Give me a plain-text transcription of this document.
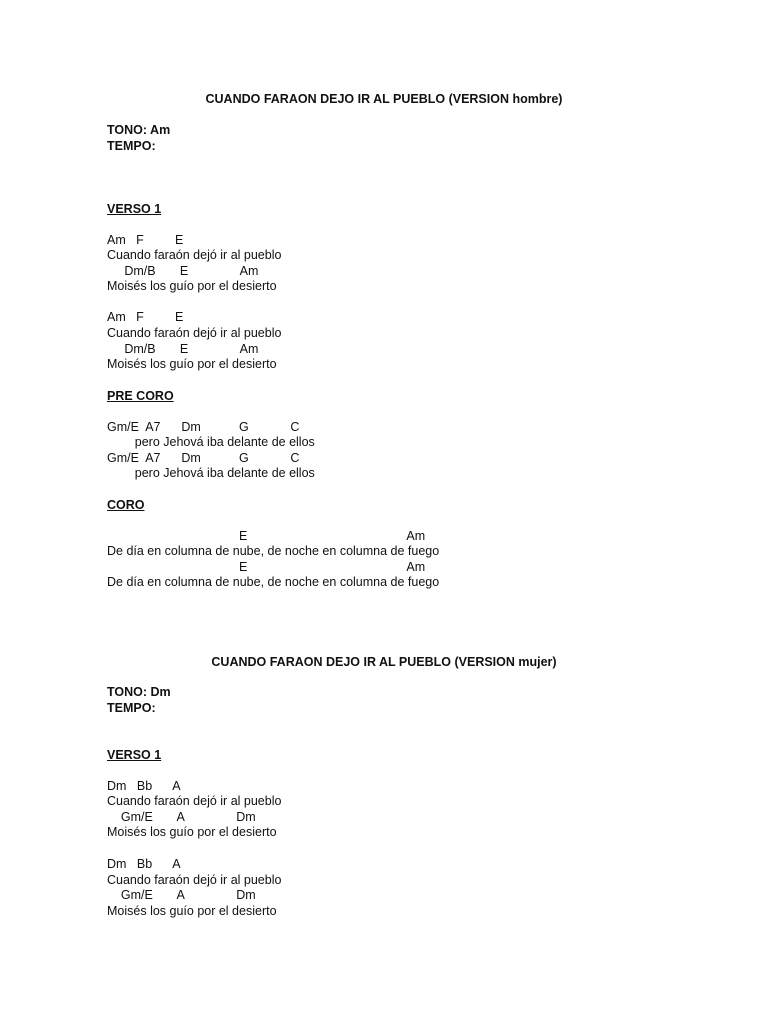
CUANDO FARAON DEJO IR AL PUEBLO (VERSION hombre)
TONO: Am
TEMPO:
VERSO 1
Am   F         E
Cuando faraón dejó ir al pueblo
Dm/B       E               Am
Moisés los guío por el desierto
Am   F         E
Cuando faraón dejó ir al pueblo
Dm/B       E               Am
Moisés los guío por el desierto
PRE CORO
Gm/E  A7      Dm           G            C
pero Jehová iba delante de ellos
Gm/E  A7      Dm           G            C
pero Jehová iba delante de ellos
CORO
E                                              Am
De día en columna de nube, de noche en columna de fuego
E                                              Am
De día en columna de nube, de noche en columna de fuego
CUANDO FARAON DEJO IR AL PUEBLO (VERSION mujer)
TONO: Dm
TEMPO:
VERSO 1
Dm   Bb      A
Cuando faraón dejó ir al pueblo
Gm/E       A               Dm
Moisés los guío por el desierto
Dm   Bb      A
Cuando faraón dejó ir al pueblo
Gm/E       A               Dm
Moisés los guío por el desierto
